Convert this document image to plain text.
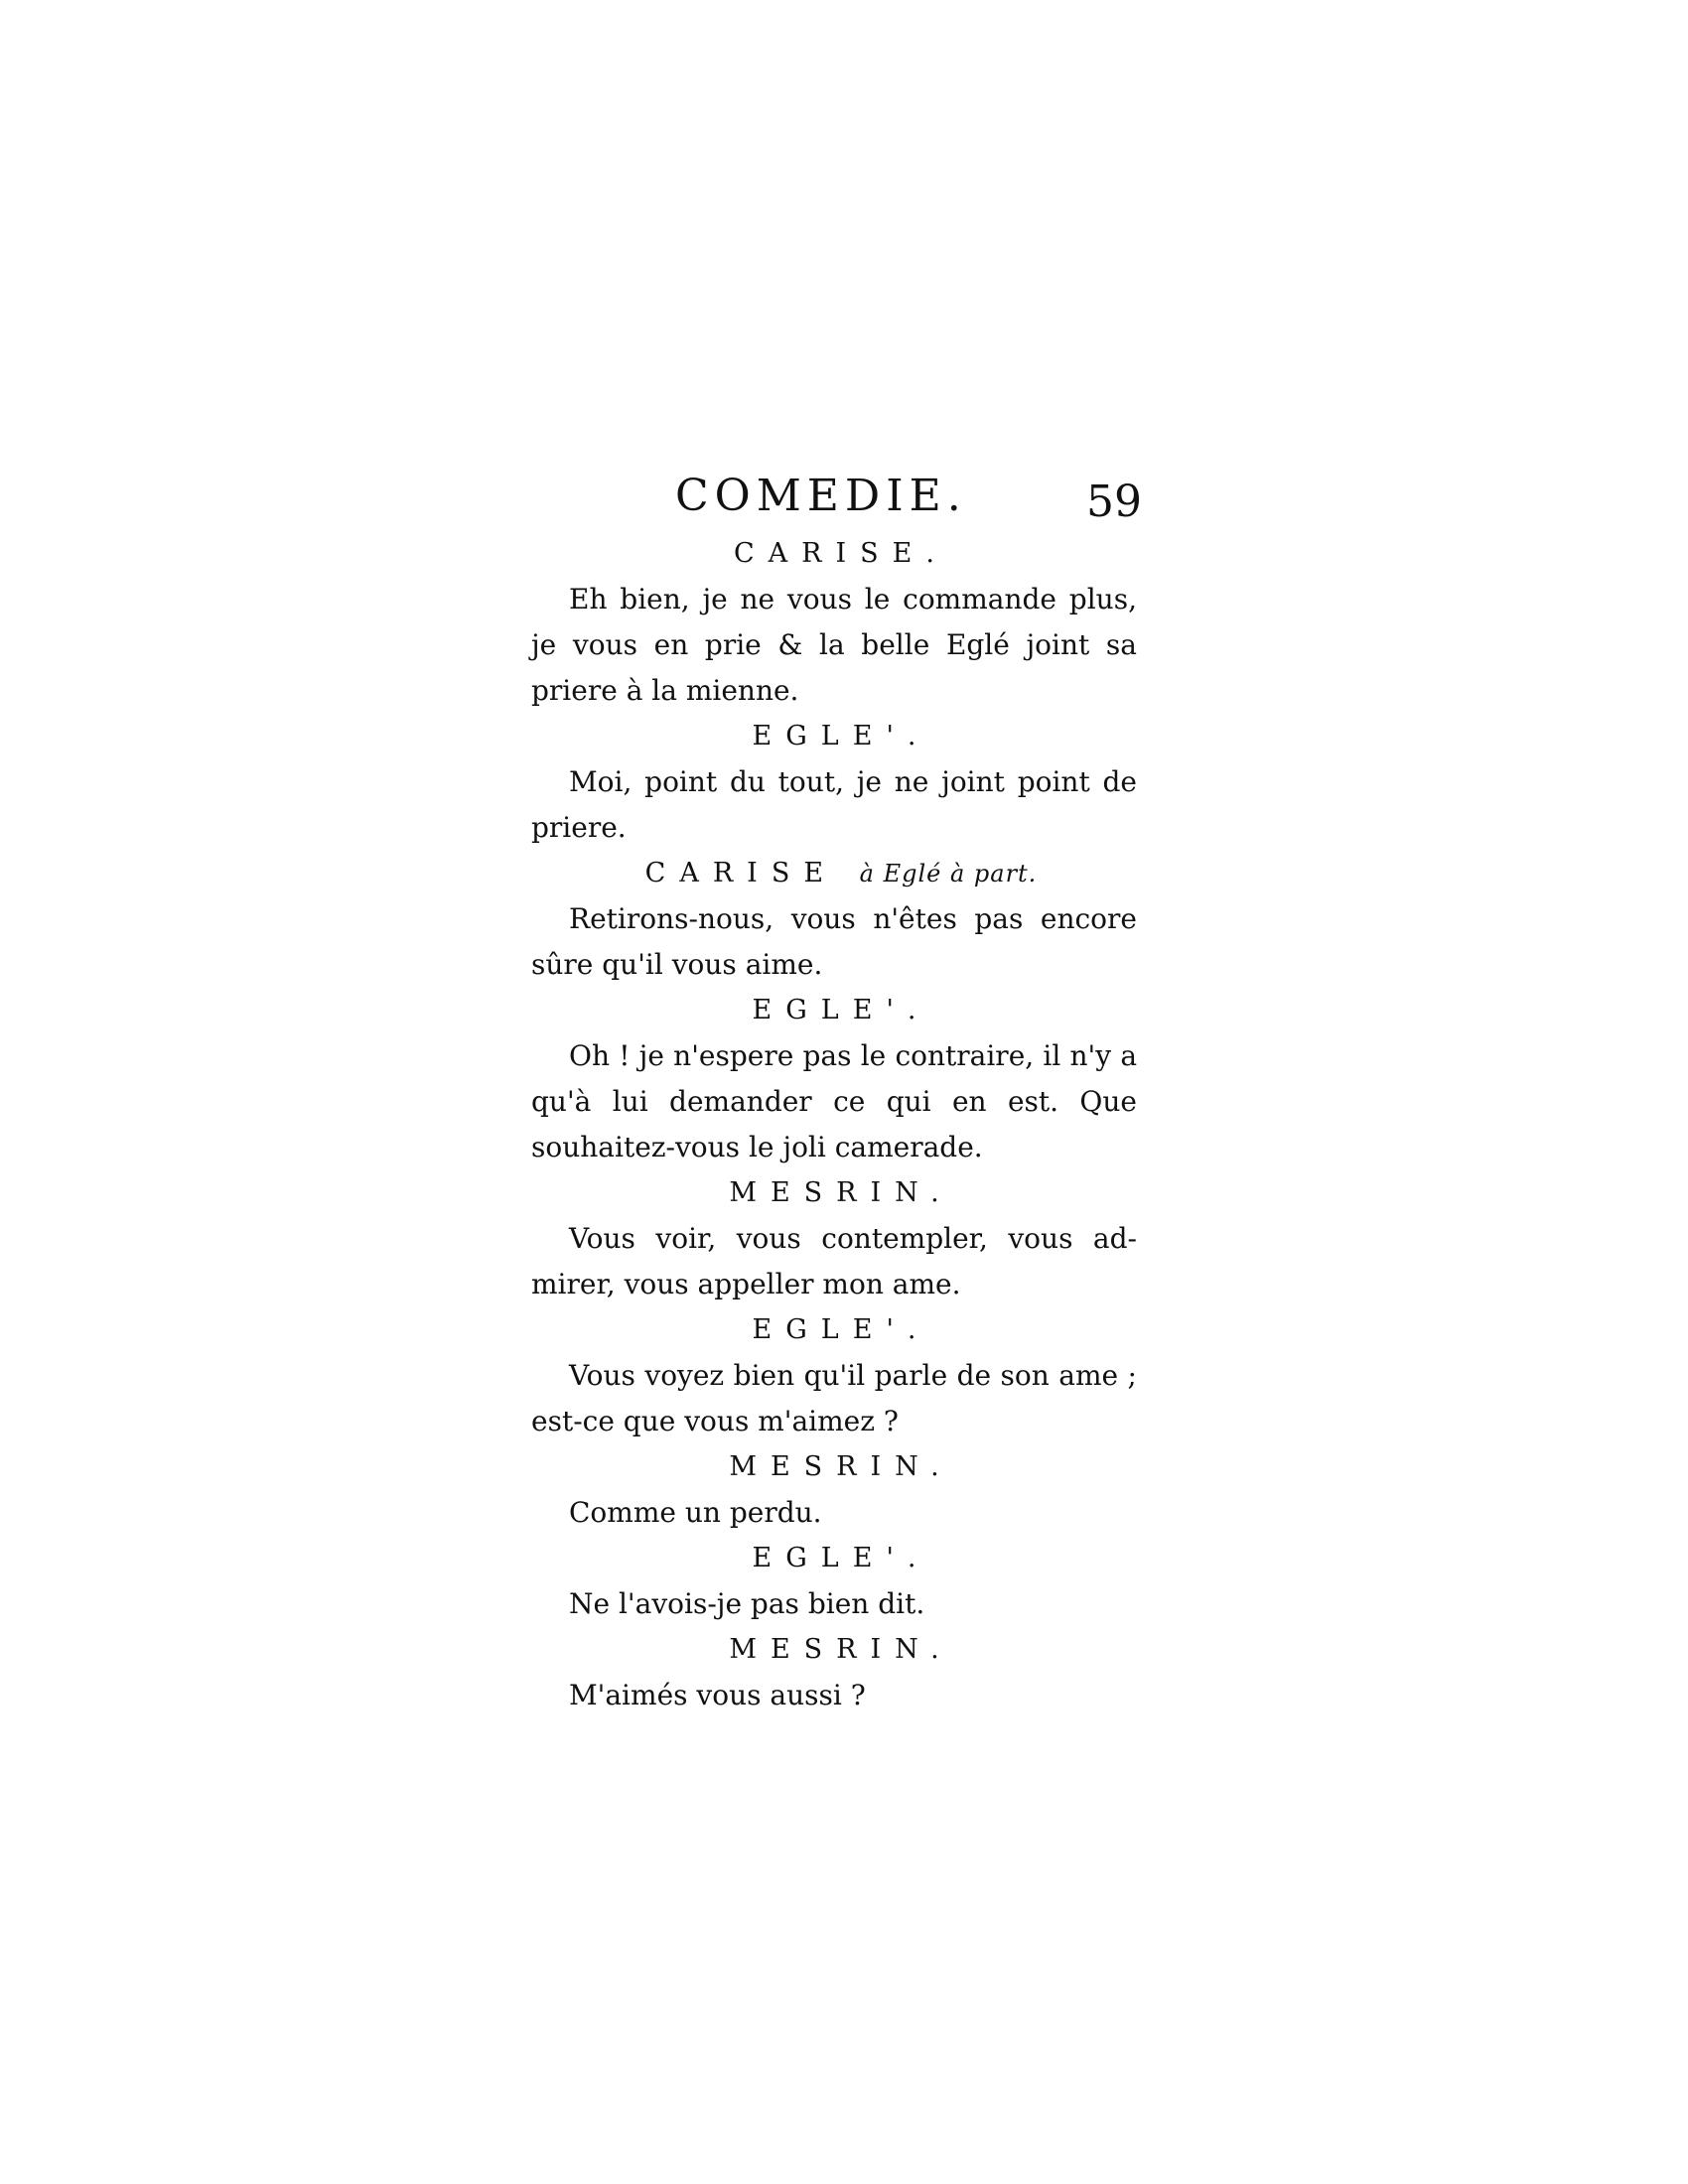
COMEDIE.	59

CARISE.

Eh bien, je ne vous le commande plus, je vous en prie & la belle Eglé joint sa priere à la mienne.

EGLE'.

Moi, point du tout, je ne joint point de priere.

CARISE à Eglé à part.

Retirons-nous, vous n'êtes pas encore sûre qu'il vous aime.

EGLE'.

Oh ! je n'espere pas le contraire, il n'y a qu'à lui demander ce qui en est. Que souhaitez-vous le joli camerade.

MESRIN.

Vous voir, vous contempler, vous ad- mirer, vous appeller mon ame.

EGLE'.

Vous voyez bien qu'il parle de son ame ; est-ce que vous m'aimez ?

MESRIN.

Comme un perdu.

EGLE'.

Ne l'avois-je pas bien dit.

MESRIN.

M'aimés vous aussi ?
